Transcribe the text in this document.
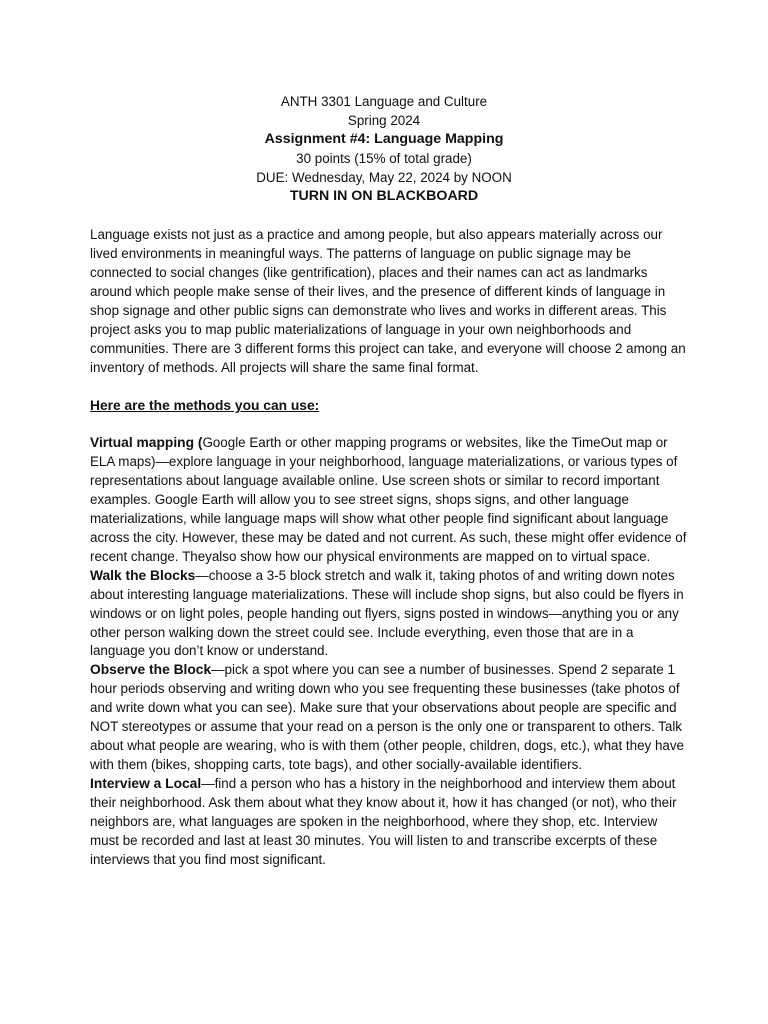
ANTH 3301 Language and Culture
Spring 2024
Assignment #4: Language Mapping
30 points (15% of total grade)
DUE: Wednesday, May 22, 2024 by NOON
TURN IN ON BLACKBOARD

Language exists not just as a practice and among people, but also appears materially across our lived environments in meaningful ways. The patterns of language on public signage may be connected to social changes (like gentrification), places and their names can act as landmarks around which people make sense of their lives, and the presence of different kinds of language in shop signage and other public signs can demonstrate who lives and works in different areas. This project asks you to map public materializations of language in your own neighborhoods and communities. There are 3 different forms this project can take, and everyone will choose 2 among an inventory of methods. All projects will share the same final format.

Here are the methods you can use:

Virtual mapping (Google Earth or other mapping programs or websites, like the TimeOut map or ELA maps)—explore language in your neighborhood, language materializations, or various types of representations about language available online. Use screen shots or similar to record important examples. Google Earth will allow you to see street signs, shops signs, and other language materializations, while language maps will show what other people find significant about language across the city. However, these may be dated and not current. As such, these might offer evidence of recent change. Theyalso show how our physical environments are mapped on to virtual space.

Walk the Blocks—choose a 3-5 block stretch and walk it, taking photos of and writing down notes about interesting language materializations. These will include shop signs, but also could be flyers in windows or on light poles, people handing out flyers, signs posted in windows—anything you or any other person walking down the street could see. Include everything, even those that are in a language you don’t know or understand.

Observe the Block—pick a spot where you can see a number of businesses. Spend 2 separate 1 hour periods observing and writing down who you see frequenting these businesses (take photos of and write down what you can see). Make sure that your observations about people are specific and NOT stereotypes or assume that your read on a person is the only one or transparent to others. Talk about what people are wearing, who is with them (other people, children, dogs, etc.), what they have with them (bikes, shopping carts, tote bags), and other socially-available identifiers.

Interview a Local—find a person who has a history in the neighborhood and interview them about their neighborhood. Ask them about what they know about it, how it has changed (or not), who their neighbors are, what languages are spoken in the neighborhood, where they shop, etc. Interview must be recorded and last at least 30 minutes. You will listen to and transcribe excerpts of these interviews that you find most significant.
